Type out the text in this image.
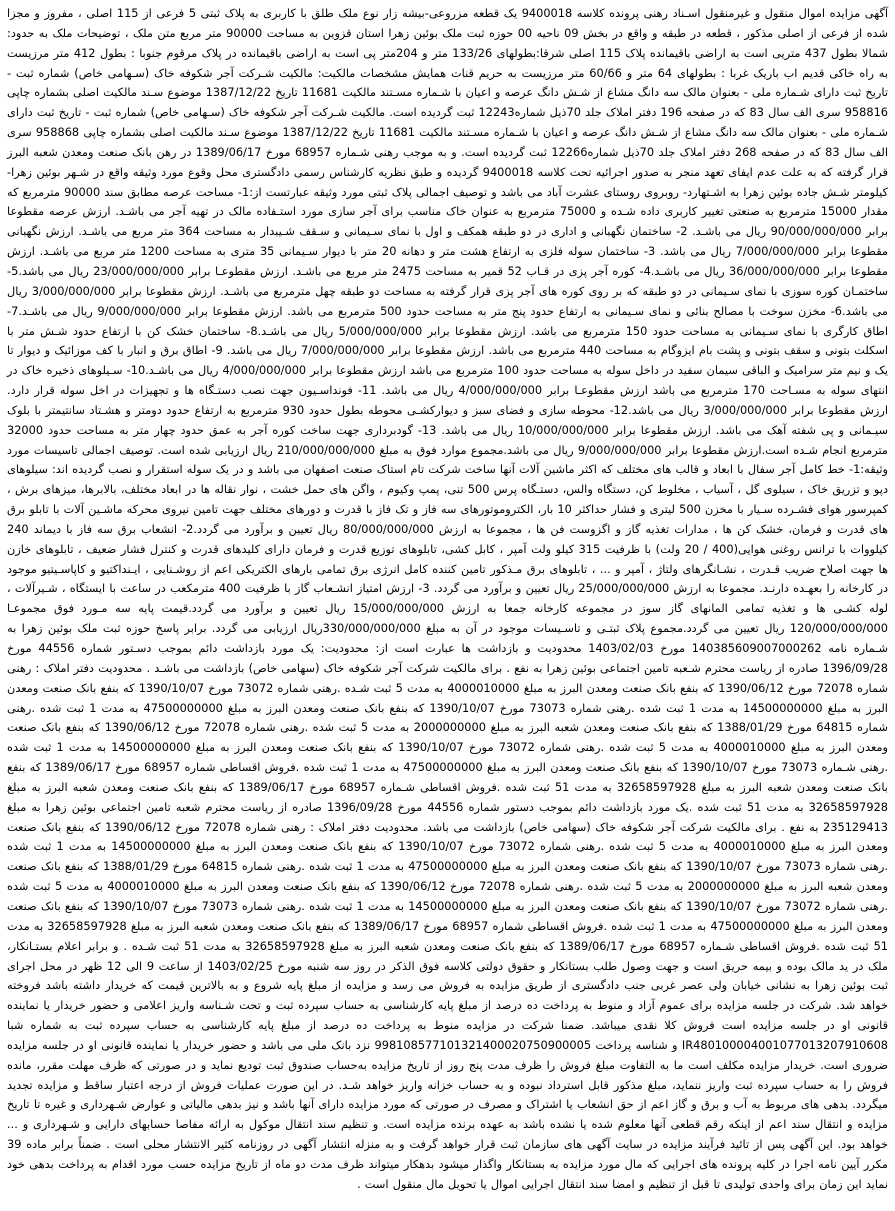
آگهی مزایده اموال منقول و غیرمنقول اسـناد رهنی پرونده کلاسه 9400018 یک قطعه مزروعی-بیشه زار نوع ملک طلق با کاربری به پلاک ثبتی 5 فرعی از 115 اصلی ، مفروز و مجزا شده از فرعی از اصلی مذکور ، قطعه در طبقه و واقع در بخش 09 ناحیه 00 حوزه ثبت ملک بوئین زهرا استان قزوین به مساحت 90000 متر مربع متن ملک ، توضیحات ملک به حدود: شمالا بطول 437 متریی است به اراضی باقیمانده پلاک 115 اصلی شرقا:بطولهای 133/26 متر و 204متر پی است به اراضی باقیمانده در پلاک مرقوم جنوبا : بطول 412 متر مرزیست به راه خاکی قدیم اب باریک غربا : بطولهای 64 متر و 60/66 متر مرزیست به حریم قنات همایش مشخصات مالکیت: مالکیت شـرکت آجر شکوفه خاک (سـهامی خاص) شماره ثبت - تاریخ ثبت دارای شـماره ملی - بعنوان مالک سه دانگ مشاع از شـش دانگ عرصه و اعیان با شـماره مسـتند مالکیت 11681 تاریخ 1387/12/22 موضوع سـند مالکیت اصلی بشماره چاپی 958816 سری الف سال 83 که در صفحه 196 دفتر املاک جلد 70ذیل شماره12243 ثبت گردیده است. مالکیت شـرکت آجر شکوفه خاک (سـهامی خاص) شماره ثبت - تاریخ ثبت دارای شـماره ملی - بعنوان مالک سه دانگ مشاع از شـش دانگ عرصه و اعیان با شـماره مسـتند مالکیت 11681 تاریخ 1387/12/22 موضوع سـند مالکیت اصلی بشماره چاپی 958868 سری الف سال 83 که در صفحه 268 دفتر املاک جلد 70ذیل شماره12266 ثبت گردیده است. و به موجب رهنی شـماره 68957 مورخ 1389/06/17 در رهن بانک صنعت ومعدن شعبه البرز قرار گرفته که به علت عدم ایفای تعهد منجر به صدور اجرائیه تحت کلاسه 9400018 گردیده و طبق نظریه کارشناس رسمی دادگستری محل وقوع مورد وثیقه واقع در شـهر بوئین زهرا- کیلومتر شـش جاده بوئین زهرا به اشـتهارد- روبروی روستای عشرت آباد می باشد و توصیف اجمالی پلاک ثبتی مورد وثیقه عبارتست از:1- مساحت عرصه مطابق سند 90000 مترمربع که مقدار 15000 مترمربع به صنعتی تغییر کاربری داده شـده و 75000 مترمربع به عنوان خاک مناسب برای آجر سازی مورد استـفاده مالک در تهیه آجر می باشـد. ارزش عرصه مقطوعا برابر 90/000/000/000 ریال می باشـد. 2- ساختمان نگهبانی و اداری در دو طبقه همکف و اول با نمای سـیمانی و سـقف شـیبدار به مساحت 364 متر مربع می باشـد. ارزش نگهبانی مقطوعا برابر 7/000/000/000 ریال می باشد. 3- ساختمان سوله فلزی به ارتفاع هشت متر و دهانه 20 متر با دیوار سـیمانی 35 متری به مساحت 1200 متر مربع می باشـد. ارزش مقطوعا برابر 36/000/000/000 ریال می باشـد.4- کوره آجر پزی در قـاب 52 قمیر به مساحت 2475 متر مربع می باشـد. ارزش مقطوعـا برابر 23/000/000/000 ریال می باشد.5- ساختمـان کوره سوزی با نمای سـیمانی در دو طبقه که بر روی کوره های آجر پزی قرار گرفته به مساحت دو طبقه چهل مترمربع می باشـد. ارزش مقطوعا برابر 3/000/000/000 ریال می باشد.6- مخزن سوخت با مصالح بنائی و نمای سـیمانی به ارتفاع حدود پنج متر به مساحت حدود 500 مترمربع می باشد. ارزش مقطوعا برابر 9/000/000/000 ریال می باشـد.7- اطاق کارگری با نمای سـیمانی به مساحت حدود 150 مترمربع می باشد. ارزش مقطوعا برابر 5/000/000/000 ریال می باشـد.8- ساختمان خشک کن با ارتفاع حدود شـش متر با اسکلت بتونی و سقف بتونی و پشت بام ایزوگام به مساحت 440 مترمربع می باشد. ارزش مقطوعا برابر 7/000/000/000 ریال می باشد. 9- اطاق برق و انبار با کف موزائیک و دیوار تا یک و نیم متر سرامیک و الباقی سیمان سفید در داخل سوله به مساحت حدود 100 مترمربع می باشد ارزش مقطوعا برابر 4/000/000/000 ریال می باشـد.10- سـیلوهای ذخیره خاک در انتهای سوله به مسـاحت 170 مترمربع می باشد ارزش مقطوعـا برابر 4/000/000/000 ریال می باشد. 11- فونداسـیون جهت نصب دستـگاه ها و تجهیزات در اخل سوله قرار دارد. ارزش مقطوعا برابر 3/000/000/000 ریال می باشد.12- محوطه سازی و فضای سبز و دیوارکشـی محوطه بطول حدود 930 مترمربع به ارتفاع حدود دومتر و هشـتاد سانتیمتر با بلوک سیـمانی و پی شفته آهک می باشد. ارزش مقطوعا برابر 10/000/000/000 ریال می باشد. 13- گودبرداری جهت ساخت کوره آجر به عمق حدود چهار متر به مساحت حدود 32000 مترمربع انجام شـده است.ارزش مقطوعا برابر 9/000/000/000 ریال می باشد.مجموع موارد فوق به مبلغ 210/000/000/000 ریال ارزیابی شده است. توصیف اجمالی تاسیسات مورد وثیقه:1- خط کامل آجر سفال با ابعاد و قالب های مختلف که اکثر ماشین آلات آنها ساخت شرکت تام استاک صنعت اصفهان می باشد و در یک سوله استقرار و نصب گردیده اند: سیلوهای دپو و تزریق خاک ، سیلوی گل ، آسیاب ، مخلوط کن، دستگاه والس، دستـگاه پرس 500 تنی، پمپ وکیوم ، واگن های حمل خشت ، نوار نقاله ها در ابعاد مختلف، بالابرها، میزهای برش ، کمپرسور هوای فشـرده سـیار با مخزن 500 لیتری و فشار حداکثر 10 بار، الکتروموتورهای سه فاز و تک فاز با قدرت و دورهای مختلف جهت تامین نیروی محرکه ماشـین آلات با تابلو برق های قدرت و فرمان، خشک کن ها ، مدارات تغذیه گاز و اگزوست فن ها ، مجموعا به ارزش 80/000/000/000 ریال تعیین و برآورد می گردد.2- انشعاب برق سه فاز با دیماند 240 کیلووات با ترانس روغنی هوایی(400 / 20 ولت) با ظرفیت 315 کیلو ولت آمپر ، کابل کشی، تابلوهای توزیع قدرت و فرمان دارای کلیدهای قدرت و کنترل فشار ضعیف ، تابلوهای خازن ها جهت اصلاح ضریب قـدرت ، نشـانگرهای ولتاژ ، آمپر و ... ، تابلوهای برق مـذکور تامین کننده کامل انرژی برق تمامی بارهای الکتریکی اعم از روشـنایی ، ایـنداکتیو و کاپاسـیتیو موجود در کارخانه را بعهـده دارنـد. مجموعا به ارزش 25/000/000/000 ریال تعیین و برآورد می گردد. 3- ارزش امتیاز انشـعاب گاز با ظرفیت 400 مترمکعب در ساعت با ایستگاه ، شـیرآلات ، لوله کشـی ها و تغذیه تمامی المانهای گاز سوز در مجموعه کارخانه جمعا به ارزش 15/000/000/000 ریال تعیین و برآورد می گردد.قیمت پایه سه مـورد فوق مجموعـا 120/000/000/000 ریال تعیین می گردد.مجموع پلاک ثبتـی و تاسـیسات موجود در آن به مبلغ 330/000/000/000ریال ارزیابی می گردد. برابر پاسخ حوزه ثبت ملک بوئین زهرا به شـماره نامه 140385609007000262 مورخ 1403/02/03 محدودیت و بازداشت ها عبارت است از: محدودیت: یک مورد بازداشت دائم بموجب دسـتور شماره 44556 مورخ 1396/09/28 صادره از ریاست محترم شـعبه تامین اجتماعی بوئین زهرا به نفع . برای مالکیت شرکت آجر شکوفه خاک (سهامی خاص) بازداشت می باشـد . محدودیت دفتر املاک : رهنی شماره 72078 مورخ 1390/06/12 که بنفع بانک صنعت ومعدن البرز به مبلغ 4000010000 به مدت 5 ثبت شـده .رهنی شماره 73072 مورخ 1390/10/07 که بنفع بانک صنعت ومعدن البرز به مبلغ 14500000000 به مدت 1 ثبت شده .رهنی شماره 73073 مورخ 1390/10/07 که بنفع بانک صنعت ومعدن البرز به مبلغ 47500000000 به مدت 1 ثبت شده .رهنی شماره 64815 مورخ 1388/01/29 که بنفع بانک صنعت ومعدن شعبه البرز به مبلغ 2000000000 به مدت 5 ثبت شده .رهنی شماره 72078 مورخ 1390/06/12 که بنفع بانک صنعت ومعدن البرز به مبلغ 4000010000 به مدت 5 ثبت شده .رهنی شماره 73072 مورخ 1390/10/07 که بنفع بانک صنعت ومعدن البرز به مبلغ 14500000000 به مدت 1 ثبت شده .رهنی شـماره 73073 مورخ 1390/10/07 که بنفع بانک صنعت ومعدن البرز به مبلغ 47500000000 به مدت 1 ثبت شده .فروش اقساطی شماره 68957 مورخ 1389/06/17 که بنفع بانک صنعت ومعدن شعبه البرز به مبلغ 32658597928 به مدت 51 ثبت شده .فروش اقساطی شـماره 68957 مورخ 1389/06/17 که بنفع بانک صنعت ومعدن شعبه البرز به مبلغ 32658597928 به مدت 51 ثبت شده .یک مورد بازداشت دائم بموجب دستور شماره 44556 مورخ 1396/09/28 صادره از ریاست محترم شعبه تامین اجتماعی بوئین زهرا به مبلغ 235129413 به نفع . برای مالکیت شرکت آجر شکوفه خاک (سهامی خاص) بازداشت می باشد. محدودیت دفتر املاک : رهنی شماره 72078 مورخ 1390/06/12 که بنفع بانک صنعت ومعدن البرز به مبلغ 4000010000 به مدت 5 ثبت شده .رهنی شماره 73072 مورخ 1390/10/07 که بنفع بانک صنعت ومعدن البرز به مبلغ 14500000000 به مدت 1 ثبت شده .رهنی شماره 73073 مورخ 1390/10/07 که بنفع بانک صنعت ومعدن البرز به مبلغ 47500000000 به مدت 1 ثبت شده .رهنی شماره 64815 مورخ 1388/01/29 که بنفع بانک صنعت ومعدن شعبه البرز به مبلغ 2000000000 به مدت 5 ثبت شده .رهنی شماره 72078 مورخ 1390/06/12 که بنفع بانک صنعت ومعدن البرز به مبلغ 4000010000 به مدت 5 ثبت شده .رهنی شماره 73072 مورخ 1390/10/07 که بنفع بانک صنعت ومعدن البرز به مبلغ 14500000000 به مدت 1 ثبت شده .رهنی شماره 73073 مورخ 1390/10/07 که بنفع بانک صنعت ومعدن البرز به مبلغ 47500000000 به مدت 1 ثبت شده .فروش اقساطی شماره 68957 مورخ 1389/06/17 که بنفع بانک صنعت ومعدن شعبه البرز به مبلغ 32658597928 به مدت 51 ثبت شده .فروش اقساطی شـماره 68957 مورخ 1389/06/17 که بنفع بانک صنعت ومعدن شعبه البرز به مبلغ 32658597928 به مدت 51 ثبت شـده . و برابر اعلام بستـانکار، ملک در ید مالک بوده و بیمه حریق است و جهت وصول طلب بستانکار و حقوق دولتی کلاسه فوق الذکر در روز سه شنبه مورخ 1403/02/25 از ساعت 9 الی 12 ظهر در محل اجرای ثبت بوئین زهرا به نشانی خیابان ولی عصر غربی جنب دادگستری از طریق مزایده به فروش می رسد و مزایده از مبلغ پایه شروع و به بالاترین قیمت که خریدار داشته باشد فروخته خواهد شد. شرکت در جلسه مزایده برای عموم آزاد و منوط به پرداخت ده درصد از مبلغ پایه کارشناسی به حساب سپرده ثبت و تحت شـناسه واریز اعلامی و حضور خریدار یا نماینده قانونی او در جلسه مزایده است فروش کلا نقدی میباشد. ضمنا شرکت در مزایده منوط به پرداخت ده درصد از مبلغ پایه کارشناسی به حساب سپرده ثبت به شماره شبا IR480100004001077013207910608 و شناسه پرداخت 998108577101321400020750900005 نزد بانک ملی می باشد و حضور خریدار یا نماینده قانونی او در جلسه مزایده ضروری است. خریدار مزایده مکلف است ما به التفاوت مبلغ فروش را ظرف مدت پنج روز از تاریخ مزایده به‌حساب صندوق ثبت تودیع نماید و در صورتی که ظرف مهلت مقرر، مانده فروش را به حساب سپرده ثبت واریز ننماید، مبلغ مذکور قابل استرداد نبوده و به حساب خزانه واریز خواهد شـد. در این صورت عملیات فروش از درجه اعتبار ساقط و مزایده تجدید میگردد. بدهی های مربوط به آب و برق و گاز اعم از حق انشعاب یا اشتراک و مصرف در صورتی که مورد مزایده دارای آنها باشد و نیز بدهی مالیاتی و عوارض شـهرداری و غیره تا تاریخ مزایده و انتقال سند اعم از اینکه رقم قطعی آنها معلوم شده یا نشده باشد به عهده برنده مزایده است. و تنظیم سند انتقال موکول به ارائه مفاصا حسابهای دارایی و شـهرداری و ... خواهد بود. این آگهی پس از تائید فرآیند مزایده در سایت آگهی های سازمان ثبت قرار خواهد گرفت و به منزله انتشار آگهی در روزنامه کثیر الانتشار محلی است . ضمناً برابر ماده 39 مکرر آیین نامه اجرا در کلیه پرونده های اجرایی که مال مورد مزایده به بستانکار واگذار میشود بدهکار میتواند ظرف مدت دو ماه از تاریخ مزایده حسب مورد اقدام به پرداخت بدهی خود نماید این زمان برای واحدی تولیدی تا قبل از تنظیم و امضا سند انتقال اجرایی اموال یا تحویل مال منقول است .
